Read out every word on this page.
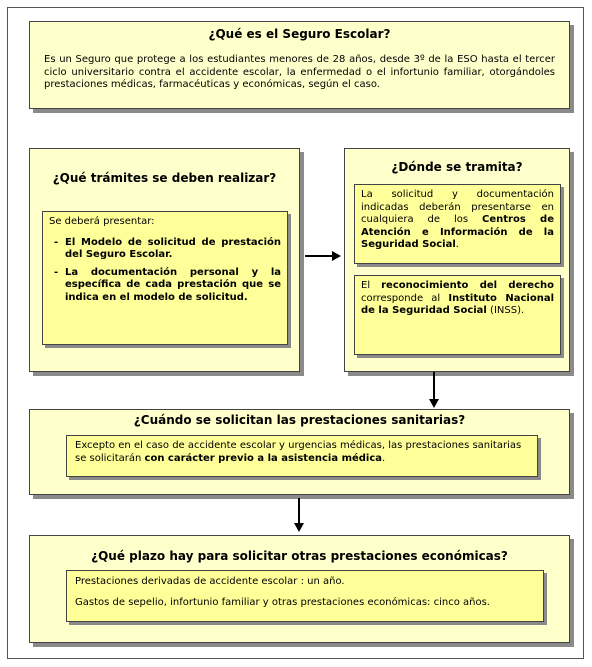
¿Qué es el Seguro Escolar?
Es un Seguro que protege a los estudiantes menores de 28 años, desde 3º de la ESO hasta el tercer ciclo universitario contra el accidente escolar, la enfermedad o el infortunio familiar, otorgándoles prestaciones médicas, farmacéuticas y económicas, según el caso.
¿Qué trámites se deben realizar?
Se deberá presentar:
- El Modelo de solicitud de prestación del Seguro Escolar.
- La documentación personal y la específica de cada prestación que se indica en el modelo de solicitud.
¿Dónde se tramita?
La solicitud y documentación indicadas deberán presentarse en cualquiera de los Centros de Atención e Información de la Seguridad Social.
El reconocimiento del derecho corresponde al Instituto Nacional de la Seguridad Social (INSS).
¿Cuándo se solicitan las prestaciones sanitarias?
Excepto en el caso de accidente escolar y urgencias médicas, las prestaciones sanitarias se solicitarán con carácter previo a la asistencia médica.
¿Qué plazo hay para solicitar otras prestaciones económicas?
Prestaciones derivadas de accidente escolar : un año.
Gastos de sepelio, infortunio familiar y otras prestaciones económicas: cinco años.
